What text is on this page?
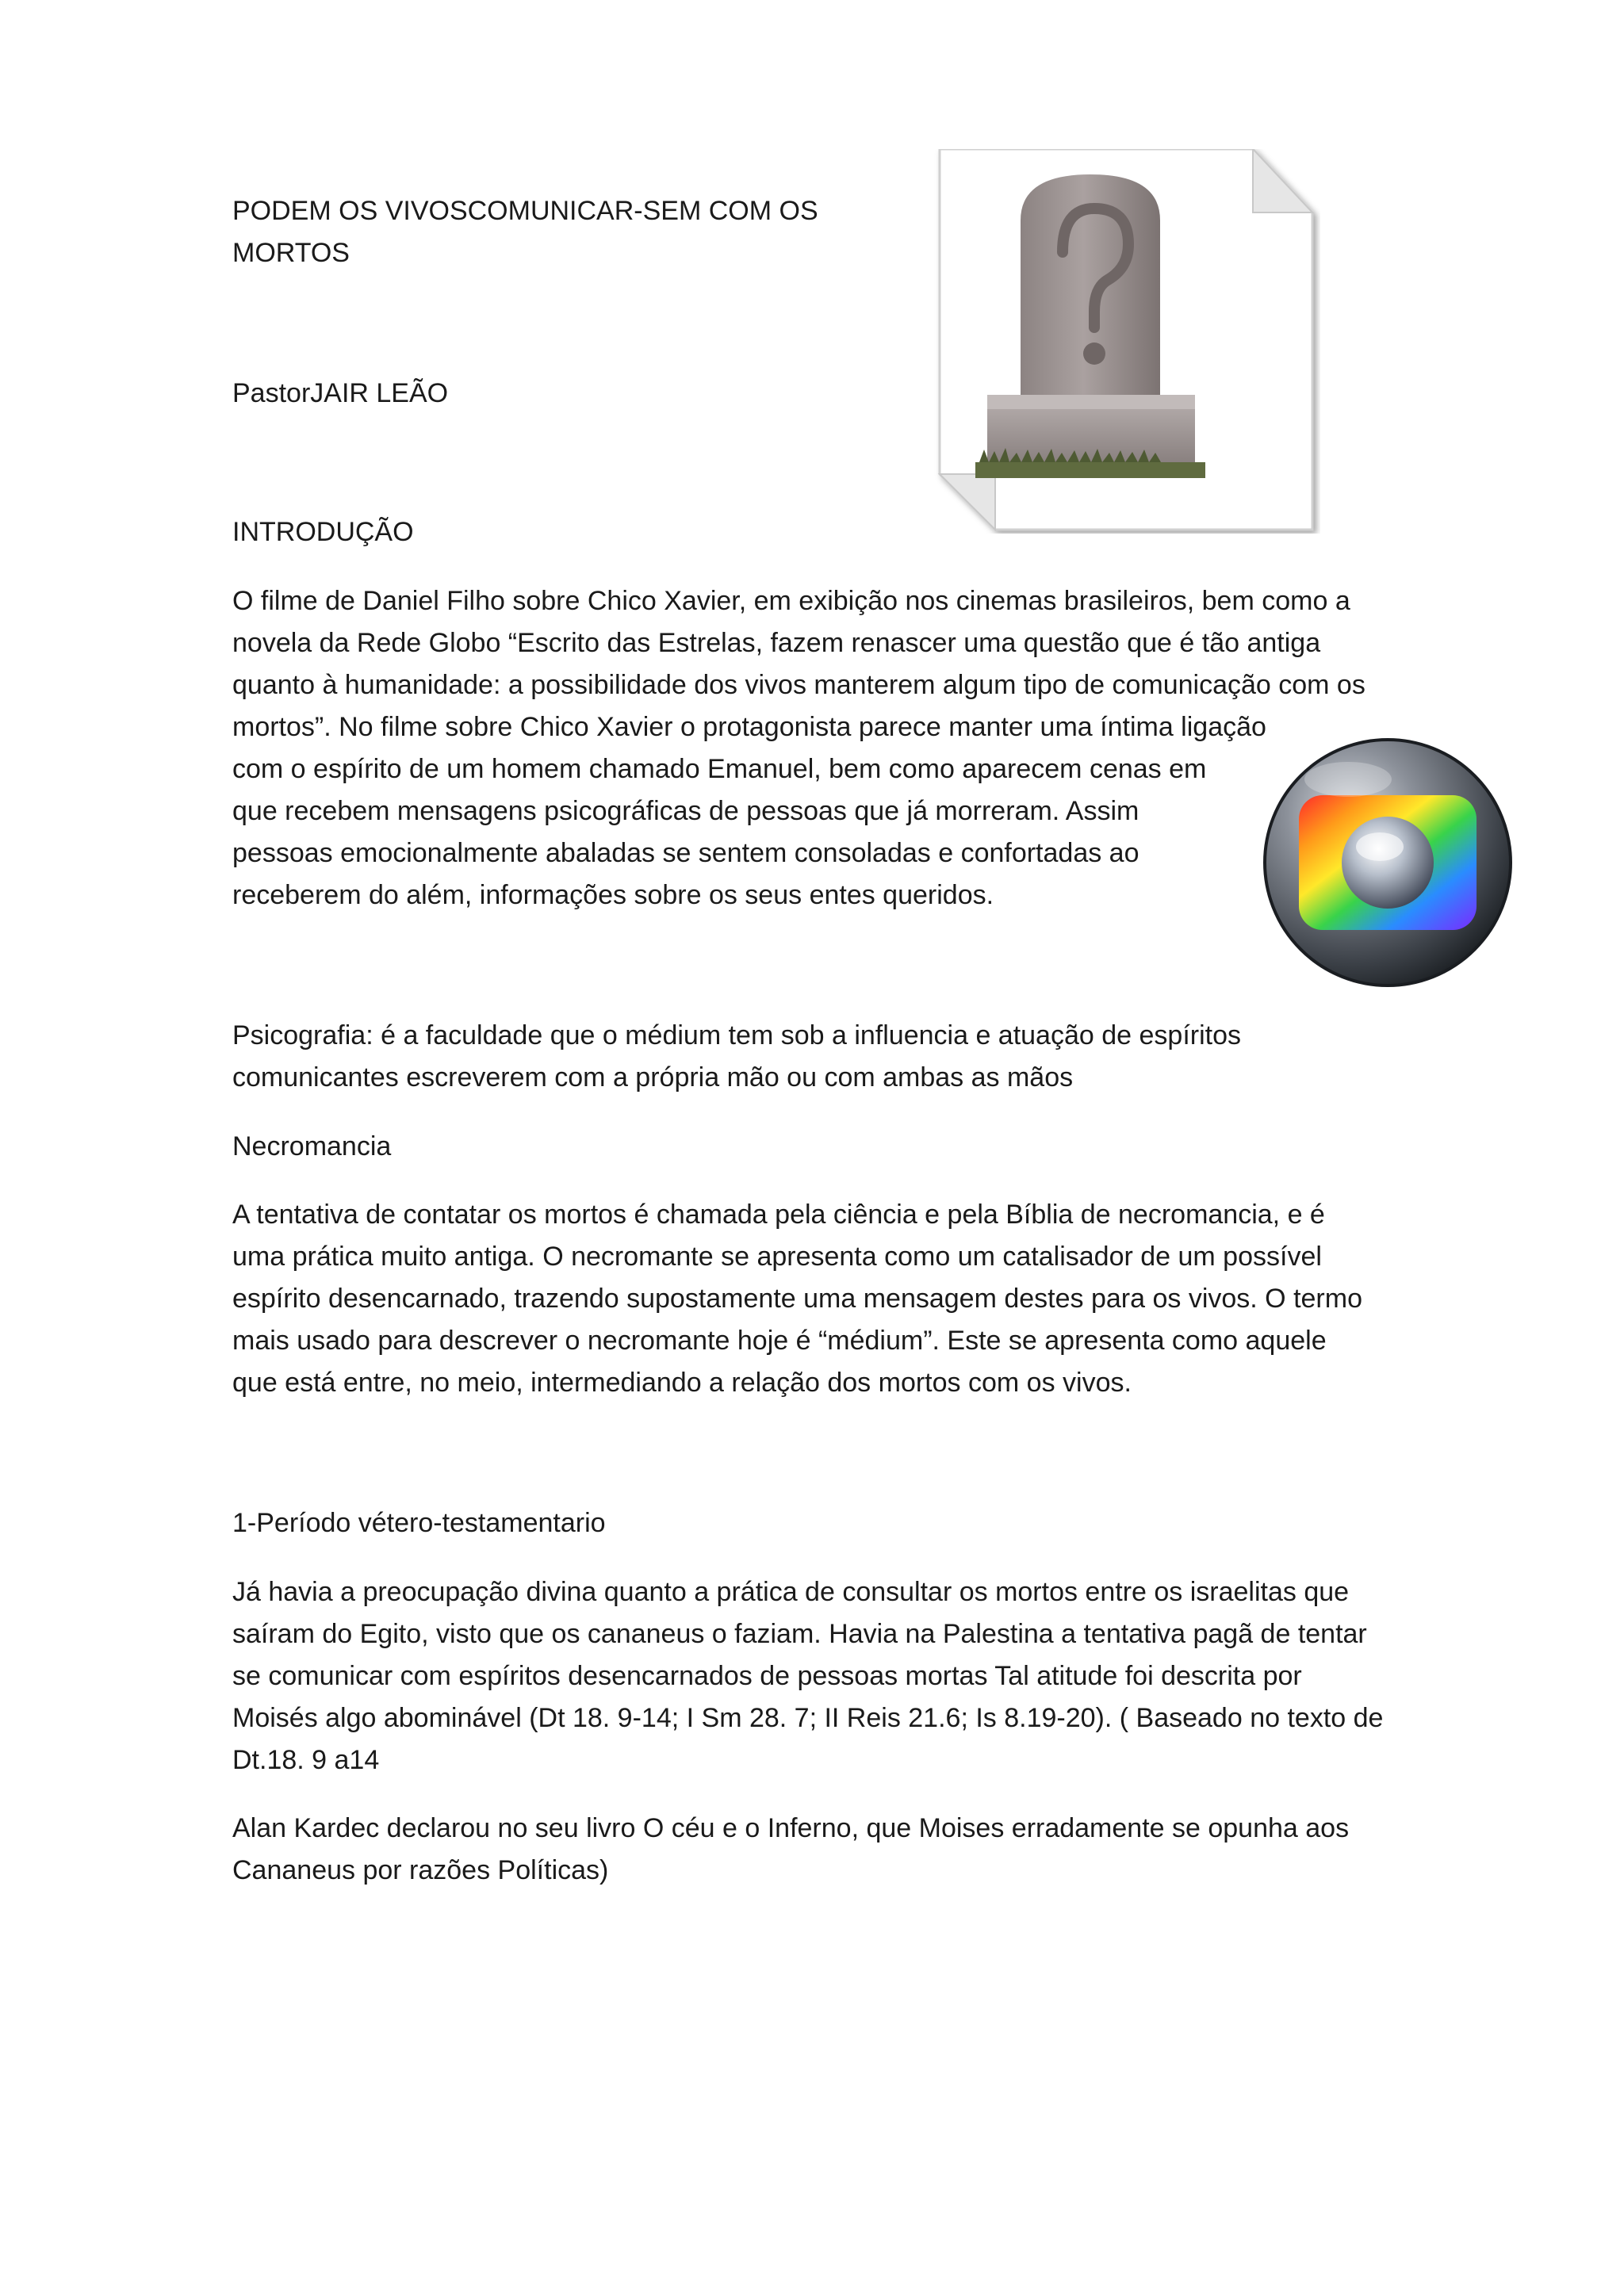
PODEM OS VIVOSCOMUNICAR-SEM COM OS
MORTOS
PastorJAIR LEÃO
INTRODUÇÃO
O filme de Daniel Filho sobre Chico Xavier, em exibição nos cinemas brasileiros, bem como a
novela da Rede Globo “Escrito das Estrelas, fazem renascer uma questão que é tão antiga
quanto à humanidade: a possibilidade dos vivos manterem algum tipo de comunicação com os
mortos”. No filme sobre Chico Xavier o protagonista parece manter uma íntima ligação
com o espírito de um homem chamado Emanuel, bem como aparecem cenas em
que recebem mensagens psicográficas de pessoas que já morreram. Assim
pessoas emocionalmente abaladas se sentem consoladas e confortadas ao
receberem do além, informações sobre os seus entes queridos.
Psicografia: é a faculdade que o médium tem sob a influencia e atuação de espíritos
comunicantes escreverem com a própria mão ou com ambas as mãos
Necromancia
A tentativa de contatar os mortos é chamada pela ciência e pela Bíblia de necromancia, e é
uma prática muito antiga. O necromante se apresenta como um catalisador de um possível
espírito desencarnado, trazendo supostamente uma mensagem destes para os vivos. O termo
mais usado para descrever o necromante hoje é “médium”. Este se apresenta como aquele
que está entre, no meio, intermediando a relação dos mortos com os vivos.
1-Período vétero-testamentario
Já havia a preocupação divina quanto a prática de consultar os mortos entre os israelitas que
saíram do Egito, visto que os cananeus o faziam. Havia na Palestina a tentativa pagã de tentar
se comunicar com espíritos desencarnados de pessoas mortas Tal atitude foi descrita por
Moisés algo abominável (Dt 18. 9-14; I Sm 28. 7; II Reis 21.6; Is 8.19-20). ( Baseado no texto de
Dt.18. 9 a14
Alan Kardec declarou no seu livro O céu e o Inferno, que Moises erradamente se opunha aos
Cananeus por razões Políticas)
